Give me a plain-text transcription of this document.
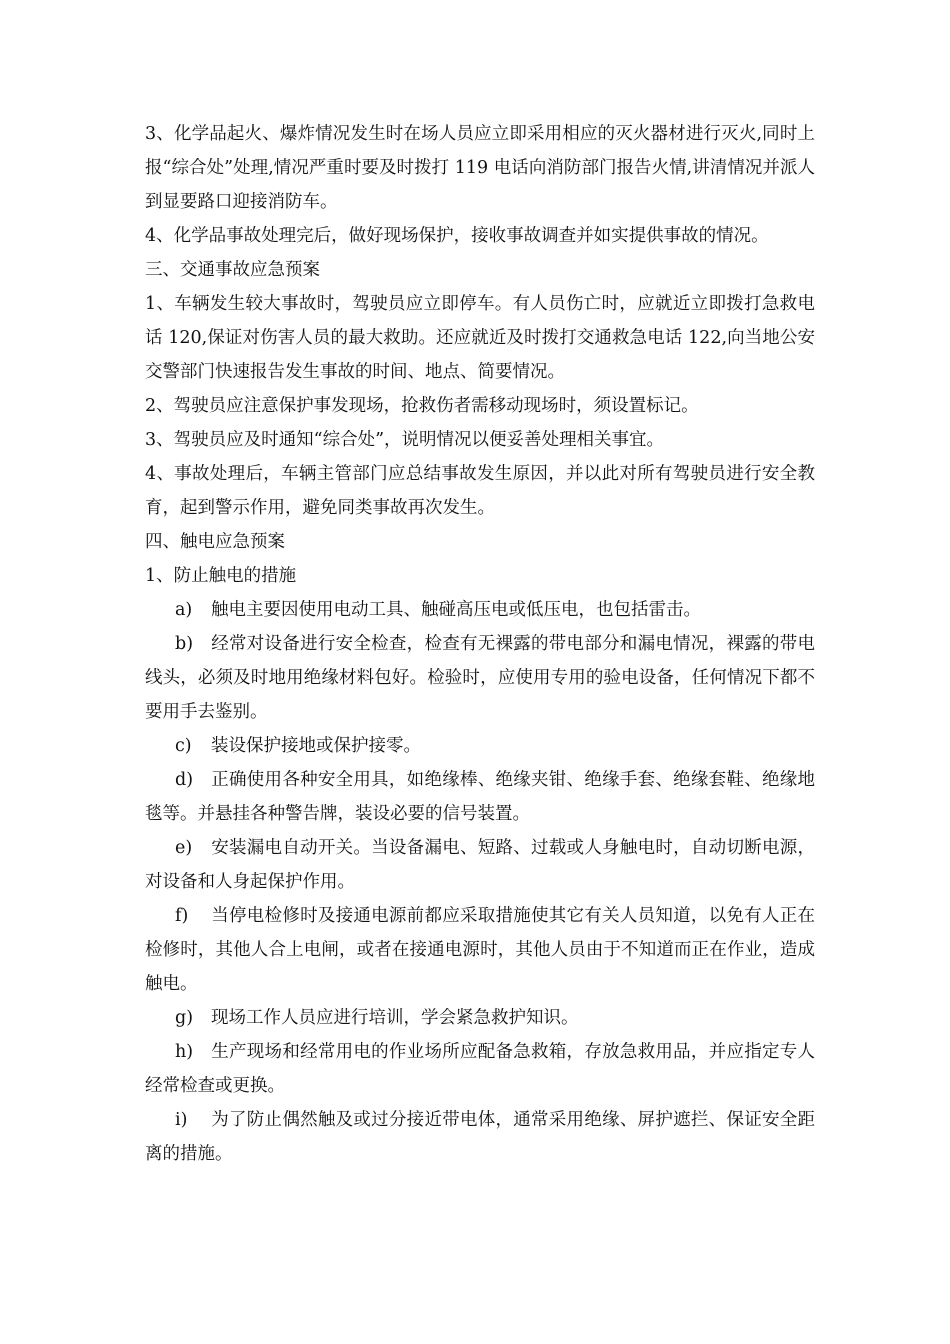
3、化学品起火、爆炸情况发生时在场人员应立即采用相应的灭火器材进行灭火,同时上报“综合处”处理,情况严重时要及时拨打 119 电话向消防部门报告火情,讲清情况并派人到显要路口迎接消防车。

4、化学品事故处理完后，做好现场保护，接收事故调查并如实提供事故的情况。

三、交通事故应急预案

1、车辆发生较大事故时，驾驶员应立即停车。有人员伤亡时，应就近立即拨打急救电话 120,保证对伤害人员的最大救助。还应就近及时拨打交通救急电话 122,向当地公安交警部门快速报告发生事故的时间、地点、简要情况。

2、驾驶员应注意保护事发现场，抢救伤者需移动现场时，须设置标记。

3、驾驶员应及时通知“综合处”，说明情况以便妥善处理相关事宜。

4、事故处理后，车辆主管部门应总结事故发生原因，并以此对所有驾驶员进行安全教育，起到警示作用，避免同类事故再次发生。

四、触电应急预案

1、防止触电的措施

a) 触电主要因使用电动工具、触碰高压电或低压电，也包括雷击。

b) 经常对设备进行安全检查，检查有无裸露的带电部分和漏电情况，裸露的带电线头，必须及时地用绝缘材料包好。检验时，应使用专用的验电设备，任何情况下都不要用手去鉴别。

c) 装设保护接地或保护接零。

d) 正确使用各种安全用具，如绝缘棒、绝缘夹钳、绝缘手套、绝缘套鞋、绝缘地毯等。并悬挂各种警告牌，装设必要的信号装置。

e) 安装漏电自动开关。当设备漏电、短路、过载或人身触电时，自动切断电源，对设备和人身起保护作用。

f) 当停电检修时及接通电源前都应采取措施使其它有关人员知道，以免有人正在检修时，其他人合上电闸，或者在接通电源时，其他人员由于不知道而正在作业，造成触电。

g) 现场工作人员应进行培训，学会紧急救护知识。

h) 生产现场和经常用电的作业场所应配备急救箱，存放急救用品，并应指定专人经常检查或更换。

i) 为了防止偶然触及或过分接近带电体，通常采用绝缘、屏护遮拦、保证安全距离的措施。
